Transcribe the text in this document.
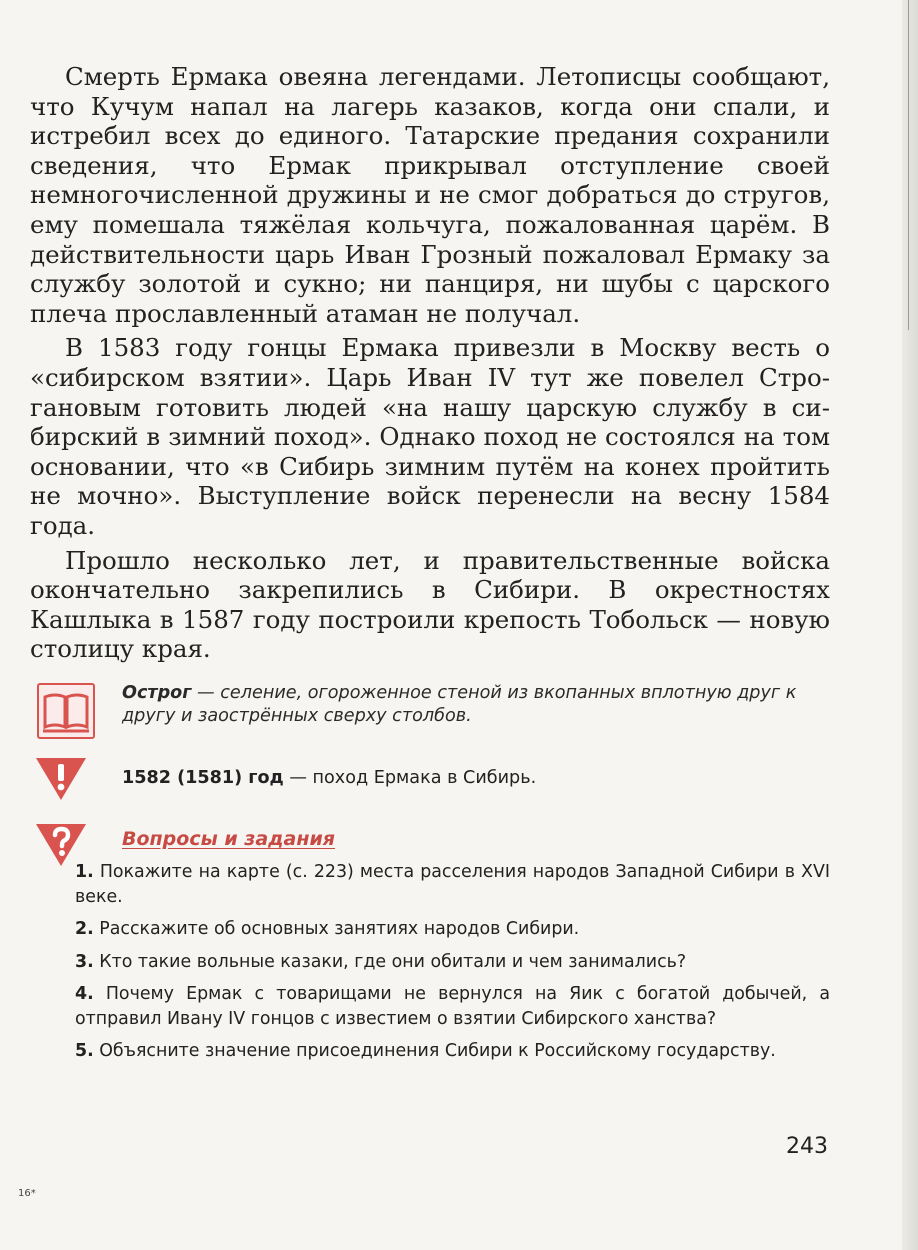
Смерть Ермака овеяна легендами. Летописцы сообщают, что Кучум напал на лагерь казаков, когда они спали, и истребил всех до единого. Татарские предания сохранили сведения, что Ермак прикрывал отступление своей немногочисленной дружины и не смог добраться до стругов, ему помешала тяжёлая кольчуга, пожалованная царём. В действительности царь Иван Грозный пожаловал Ермаку за службу золотой и сукно; ни панциря, ни шубы с царского плеча прославленный атаман не получал.

В 1583 году гонцы Ермака привезли в Москву весть о «сибирском взятии». Царь Иван IV тут же повелел Строгановым готовить людей «на нашу царскую службу в сибирский в зимний поход». Однако поход не состоялся на том основании, что «в Сибирь зимним путём на конех пройтить не мочно». Выступление войск перенесли на весну 1584 года.

Прошло несколько лет, и правительственные войска окончательно закрепились в Сибири. В окрестностях Кашлыка в 1587 году построили крепость Тобольск — новую столицу края.

Острог — селение, огороженное стеной из вкопанных вплотную друг к другу и заострённых сверху столбов.
1582 (1581) год — поход Ермака в Сибирь.
Вопросы и задания
1. Покажите на карте (с. 223) места расселения народов Западной Сибири в XVI веке.
2. Расскажите об основных занятиях народов Сибири.
3. Кто такие вольные казаки, где они обитали и чем занимались?
4. Почему Ермак с товарищами не вернулся на Яик с богатой добычей, а отправил Ивану IV гонцов с известием о взятии Сибирского ханства?
5. Объясните значение присоединения Сибири к Российскому государству.
243
16*
